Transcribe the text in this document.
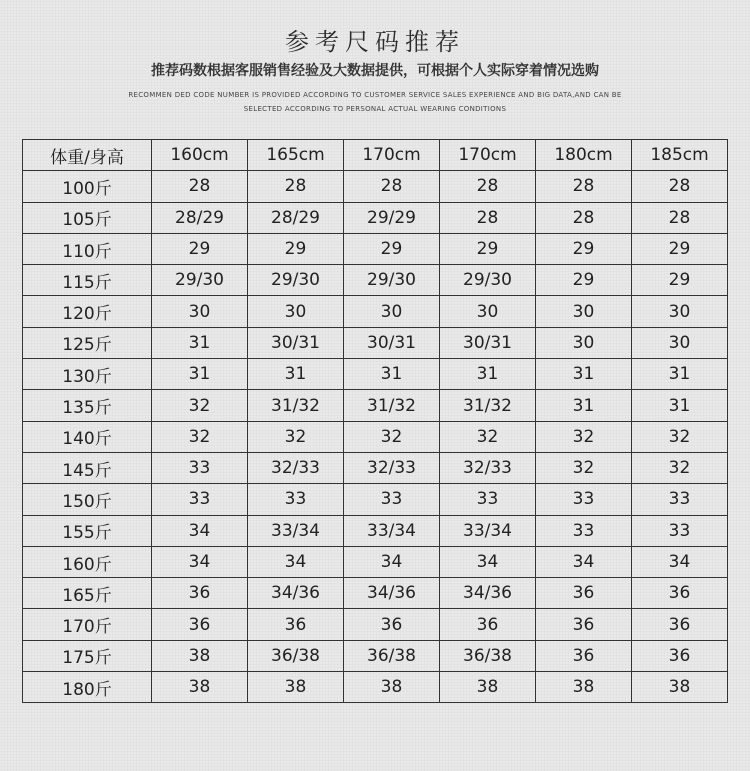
参考尺码推荐
推荐码数根据客服销售经验及大数据提供，可根据个人实际穿着情况选购
RECOMMEN DED CODE NUMBER IS PROVIDED ACCORDING TO CUSTOMER SERVICE SALES EXPERIENCE AND BIG DATA,AND CAN BE
SELECTED ACCORDING TO PERSONAL ACTUAL WEARING CONDITIONS
体重/身高	160cm	165cm	170cm	170cm	180cm	185cm
100斤	28	28	28	28	28	28
105斤	28/29	28/29	29/29	28	28	28
110斤	29	29	29	29	29	29
115斤	29/30	29/30	29/30	29/30	29	29
120斤	30	30	30	30	30	30
125斤	31	30/31	30/31	30/31	30	30
130斤	31	31	31	31	31	31
135斤	32	31/32	31/32	31/32	31	31
140斤	32	32	32	32	32	32
145斤	33	32/33	32/33	32/33	32	32
150斤	33	33	33	33	33	33
155斤	34	33/34	33/34	33/34	33	33
160斤	34	34	34	34	34	34
165斤	36	34/36	34/36	34/36	36	36
170斤	36	36	36	36	36	36
175斤	38	36/38	36/38	36/38	36	36
180斤	38	38	38	38	38	38
